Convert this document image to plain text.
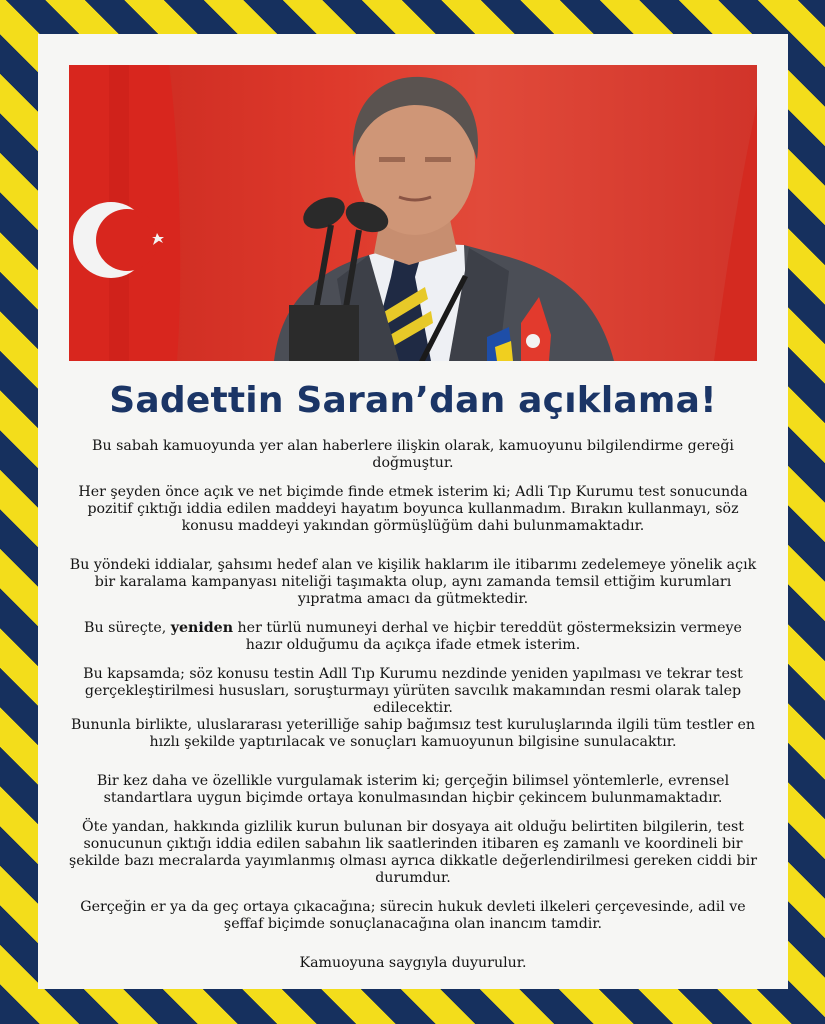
Sadettin Saran’dan açıklama!

Bu sabah kamuoyunda yer alan haberlere ilişkin olarak, kamuoyunu bilgilendirme gereği doğmuştur.

Her şeyden önce açık ve net biçimde finde etmek isterim ki; Adli Tıp Kurumu test sonucunda pozitif çıktığı iddia edilen maddeyi hayatım boyunca kullanmadım. Bırakın kullanmayı, söz konusu maddeyi yakından görmüşlüğüm dahi bulunmamaktadır.

Bu yöndeki iddialar, şahsımı hedef alan ve kişilik haklarım ile itibarımı zedelemeye yönelik açık bir karalama kampanyası niteliği taşımakta olup, aynı zamanda temsil ettiğim kurumları yıpratma amacı da gütmektedir.

Bu süreçte, yeniden her türlü numuneyi derhal ve hiçbir tereddüt göstermeksizin vermeye hazır olduğumu da açıkça ifade etmek isterim.

Bu kapsamda; söz konusu testin Adll Tıp Kurumu nezdinde yeniden yapılması ve tekrar test gerçekleştirilmesi hususları, soruşturmayı yürüten savcılık makamından resmi olarak talep edilecektir.

Bununla birlikte, uluslararası yeterilliğe sahip bağımsız test kuruluşlarında ilgili tüm testler en hızlı şekilde yaptırılacak ve sonuçları kamuoyunun bilgisine sunulacaktır.

Bir kez daha ve özellikle vurgulamak isterim ki; gerçeğin bilimsel yöntemlerle, evrensel standartlara uygun biçimde ortaya konulmasından hiçbir çekincem bulunmamaktadır.

Öte yandan, hakkında gizlilik kurun bulunan bir dosyaya ait olduğu belirtiten bilgilerin, test sonucunun çıktığı iddia edilen sabahın lik saatlerinden itibaren eş zamanlı ve koordineli bir şekilde bazı mecralarda yayımlanmış olması ayrıca dikkatle değerlendirilmesi gereken ciddi bir durumdur.

Gerçeğin er ya da geç ortaya çıkacağına; sürecin hukuk devleti ilkeleri çerçevesinde, adil ve şeffaf biçimde sonuçlanacağına olan inancım tamdir.

Kamuoyuna saygıyla duyurulur.
